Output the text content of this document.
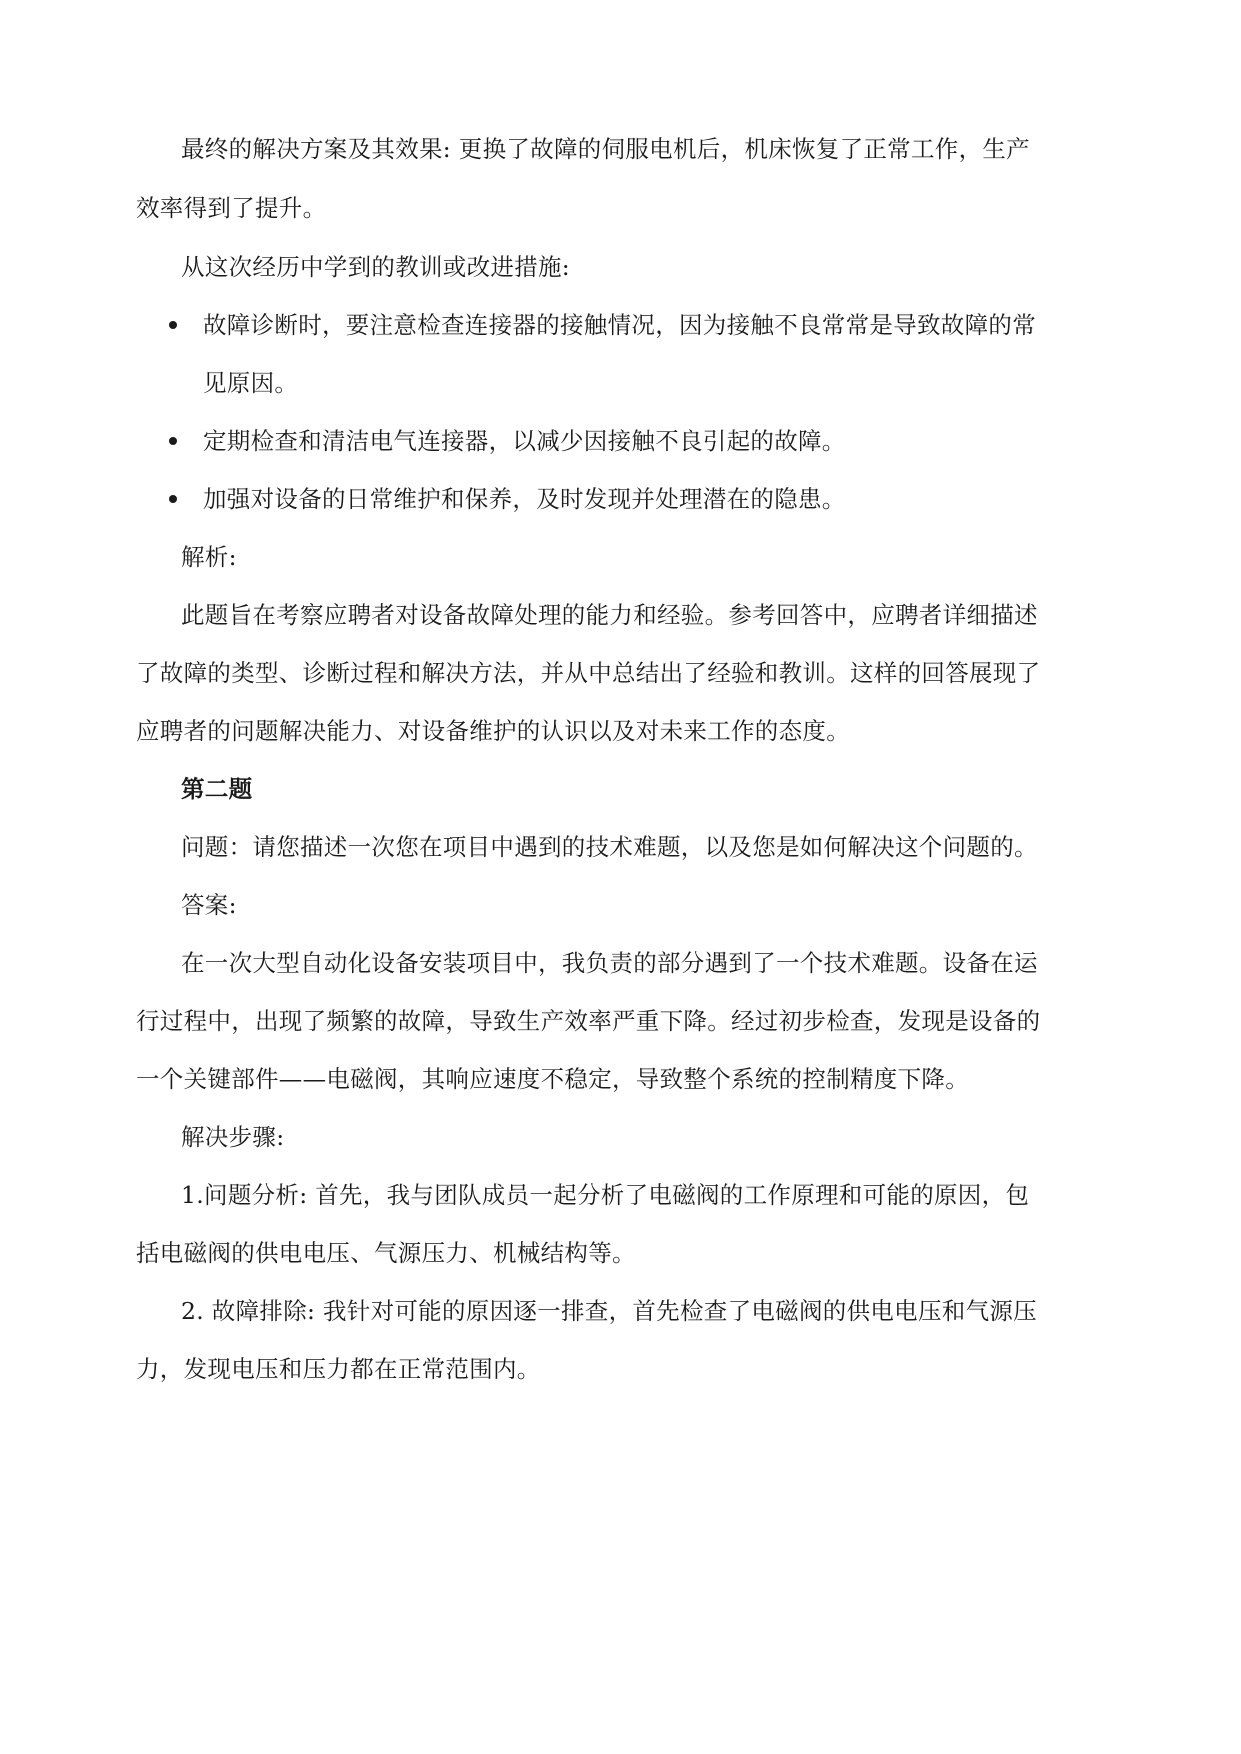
最终的解决方案及其效果: 更换了故障的伺服电机后，机床恢复了正常工作，生产
效率得到了提升。
从这次经历中学到的教训或改进措施:
故障诊断时，要注意检查连接器的接触情况，因为接触不良常常是导致故障的常
见原因。
定期检查和清洁电气连接器，以减少因接触不良引起的故障。
加强对设备的日常维护和保养，及时发现并处理潜在的隐患。
解析:
此题旨在考察应聘者对设备故障处理的能力和经验。参考回答中，应聘者详细描述
了故障的类型、诊断过程和解决方法，并从中总结出了经验和教训。这样的回答展现了
应聘者的问题解决能力、对设备维护的认识以及对未来工作的态度。
第二题
问题：请您描述一次您在项目中遇到的技术难题，以及您是如何解决这个问题的。
答案:
在一次大型自动化设备安装项目中，我负责的部分遇到了一个技术难题。设备在运
行过程中，出现了频繁的故障，导致生产效率严重下降。经过初步检查，发现是设备的
一个关键部件——电磁阀，其响应速度不稳定，导致整个系统的控制精度下降。
解决步骤:
1.问题分析: 首先，我与团队成员一起分析了电磁阀的工作原理和可能的原因，包
括电磁阀的供电电压、气源压力、机械结构等。
2. 故障排除: 我针对可能的原因逐一排查，首先检查了电磁阀的供电电压和气源压
力，发现电压和压力都在正常范围内。
